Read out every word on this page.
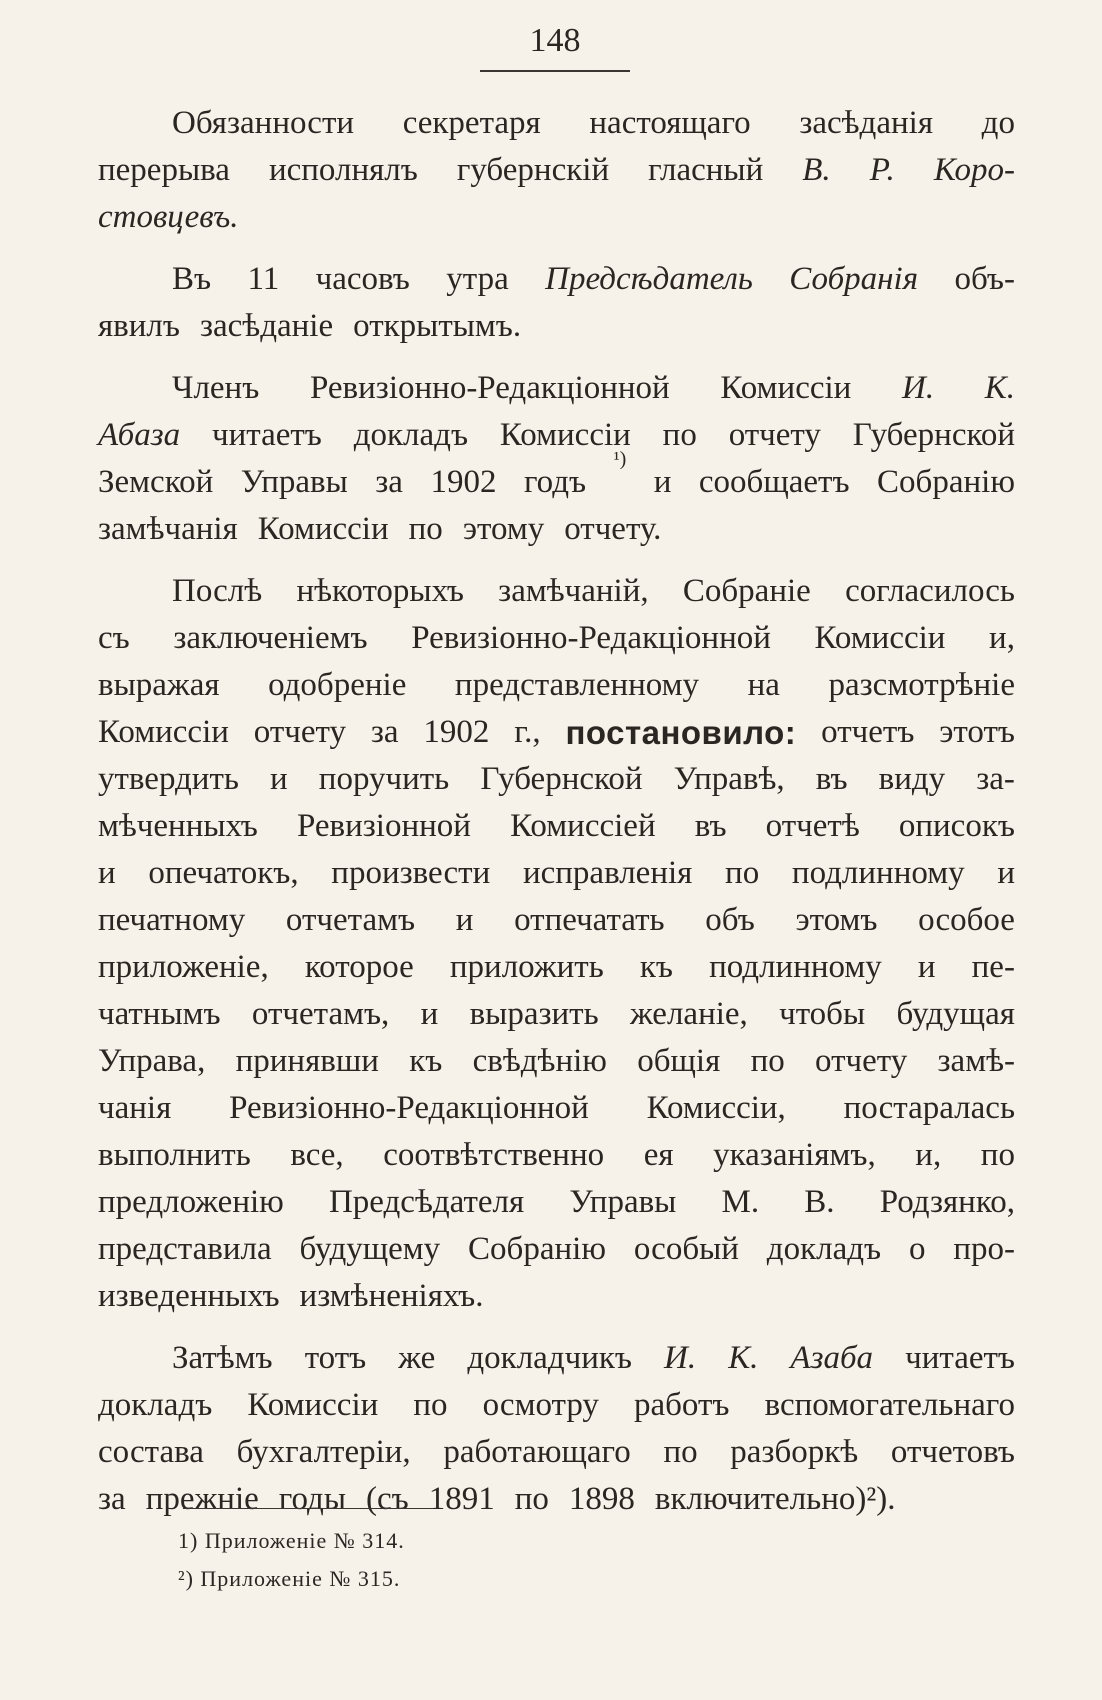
148
Обязанности секретаря настоящаго засѣданія до
перерыва исполнялъ губернскій гласный В. Р. Коро-
стовцевъ.
Въ 11 часовъ утра Предсѣдатель Собранія объ-
явилъ засѣданіе открытымъ.
Членъ Ревизіонно-Редакціонной Комиссіи И. К.
Абаза читаетъ докладъ Комиссіи по отчету Губернской
Земской Управы за 1902 годъ
¹)
и сообщаетъ Собранію
замѣчанія Комиссіи по этому отчету.
Послѣ нѣкоторыхъ замѣчаній, Собраніе согласилось
съ заключеніемъ Ревизіонно-Редакціонной Комиссіи и,
выражая одобреніе представленному на разсмотрѣніе
Комиссіи отчету за 1902 г., постановило: отчетъ этотъ
утвердить и поручить Губернской Управѣ, въ виду за-
мѣченныхъ Ревизіонной Комиссіей въ отчетѣ описокъ
и опечатокъ, произвести исправленія по подлинному и
печатному отчетамъ и отпечатать объ этомъ особое
приложеніе, которое приложить къ подлинному и пе-
чатнымъ отчетамъ, и выразить желаніе, чтобы будущая
Управа, принявши къ свѣдѣнію общія по отчету замѣ-
чанія Ревизіонно-Редакціонной Комиссіи, постаралась
выполнить все, соотвѣтственно ея указаніямъ, и, по
предложенію Предсѣдателя Управы М. В. Родзянко,
представила будущему Собранію особый докладъ о про-
изведенныхъ измѣненіяхъ.
Затѣмъ тотъ же докладчикъ И. К. Азаба читаетъ
докладъ Комиссіи по осмотру работъ вспомогательнаго
состава бухгалтеріи, работающаго по разборкѣ отчетовъ
за прежніе годы (съ 1891 по 1898 включительно)²).
1) Приложеніе № 314.
²) Приложеніе № 315.
